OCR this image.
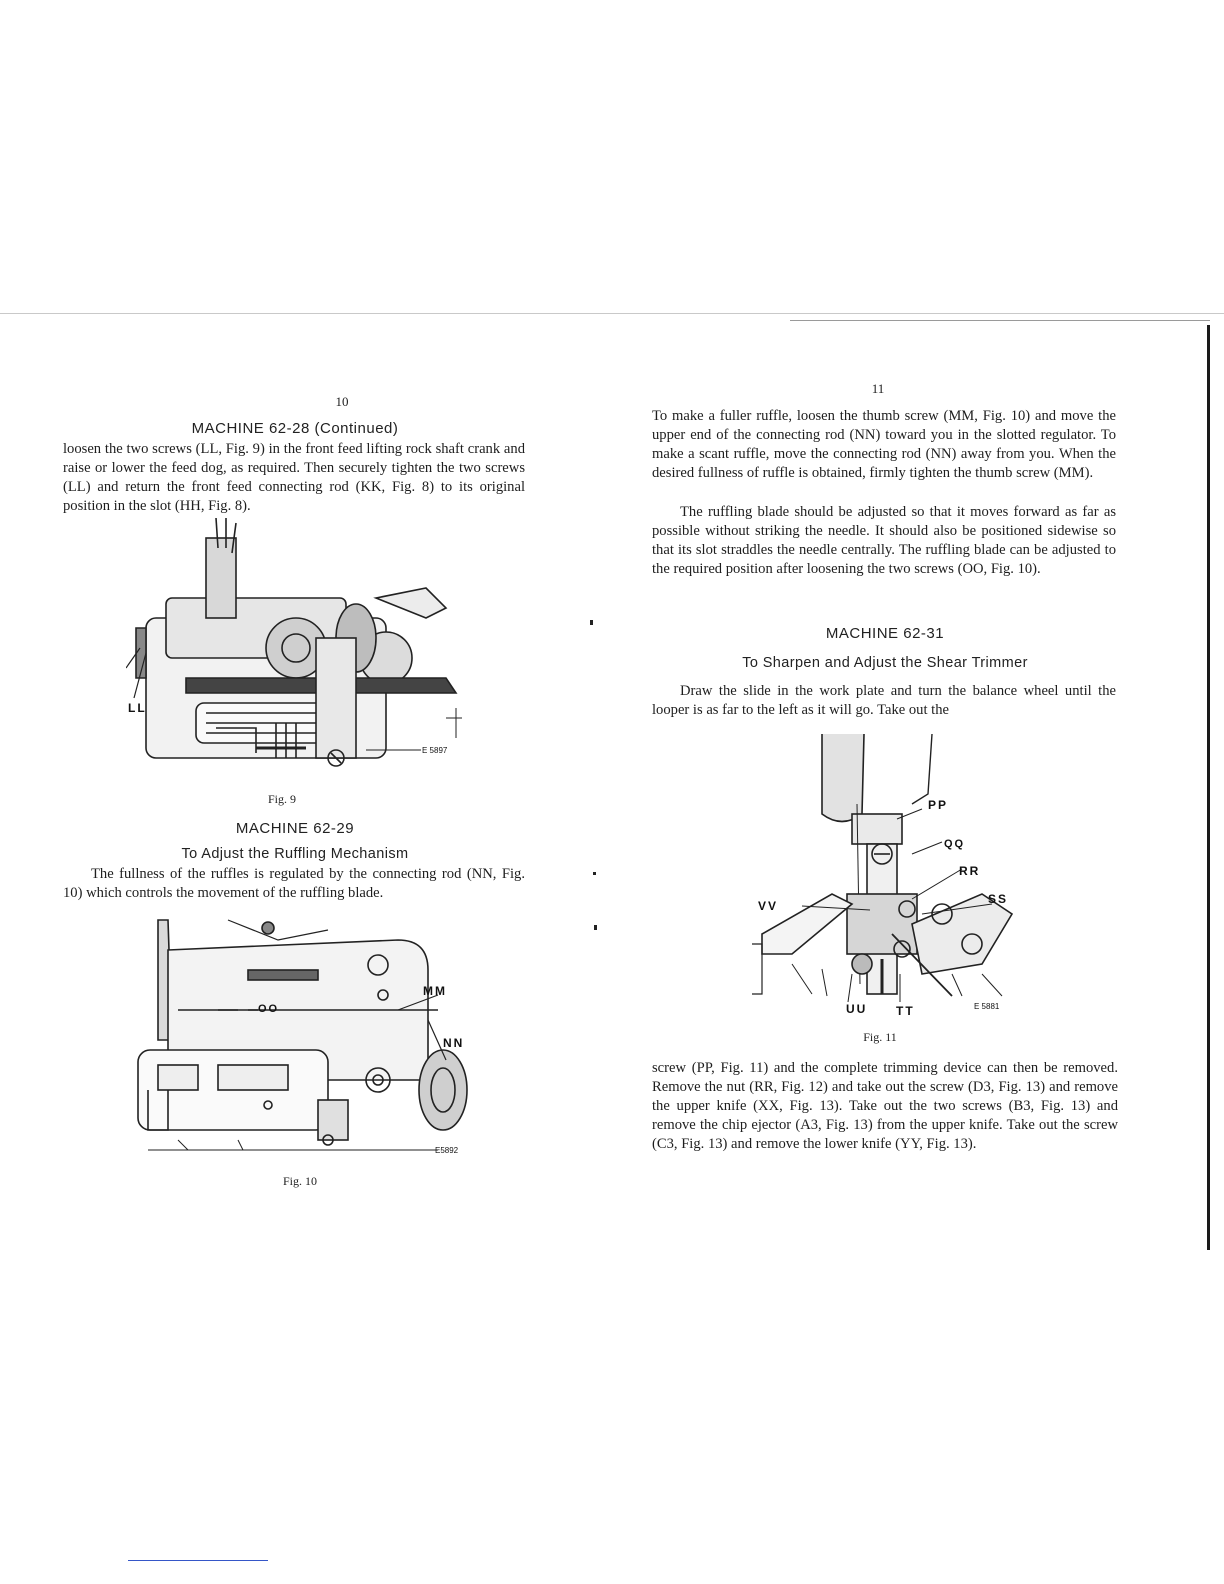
10
MACHINE 62-28 (Continued)

loosen the two screws (LL, Fig. 9) in the front feed lifting rock shaft crank and raise or lower the feed dog, as required. Then securely tighten the two screws (LL) and return the front feed connecting rod (KK, Fig. 8) to its original position in the slot (HH, Fig. 8).

LL
E 5897
Fig. 9
MACHINE 62-29
To Adjust the Ruffling Mechanism

The fullness of the ruffles is regulated by the connecting rod (NN, Fig. 10) which controls the movement of the ruffling blade.

OO
MM
NN
E5892
Fig. 10
11

To make a fuller ruffle, loosen the thumb screw (MM, Fig. 10) and move the upper end of the connecting rod (NN) toward you in the slotted regulator. To make a scant ruffle, move the connecting rod (NN) away from you. When the desired fullness of ruffle is obtained, firmly tighten the thumb screw (MM).

The ruffling blade should be adjusted so that it moves forward as far as possible without striking the needle. It should also be positioned sidewise so that its slot straddles the needle centrally. The ruffling blade can be adjusted to the required position after loosening the two screws (OO, Fig. 10).

MACHINE 62-31
To Sharpen and Adjust the Shear Trimmer

Draw the slide in the work plate and turn the balance wheel until the looper is as far to the left as it will go. Take out the

PP
QQ
RR
SS
VV
UU TT	E 5881
Fig. 11

screw (PP, Fig. 11) and the complete trimming device can then be removed. Remove the nut (RR, Fig. 12) and take out the screw (D3, Fig. 13) and remove the upper knife (XX, Fig. 13). Take out the two screws (B3, Fig. 13) and remove the chip ejector (A3, Fig. 13) from the upper knife. Take out the screw (C3, Fig. 13) and remove the lower knife (YY, Fig. 13).
